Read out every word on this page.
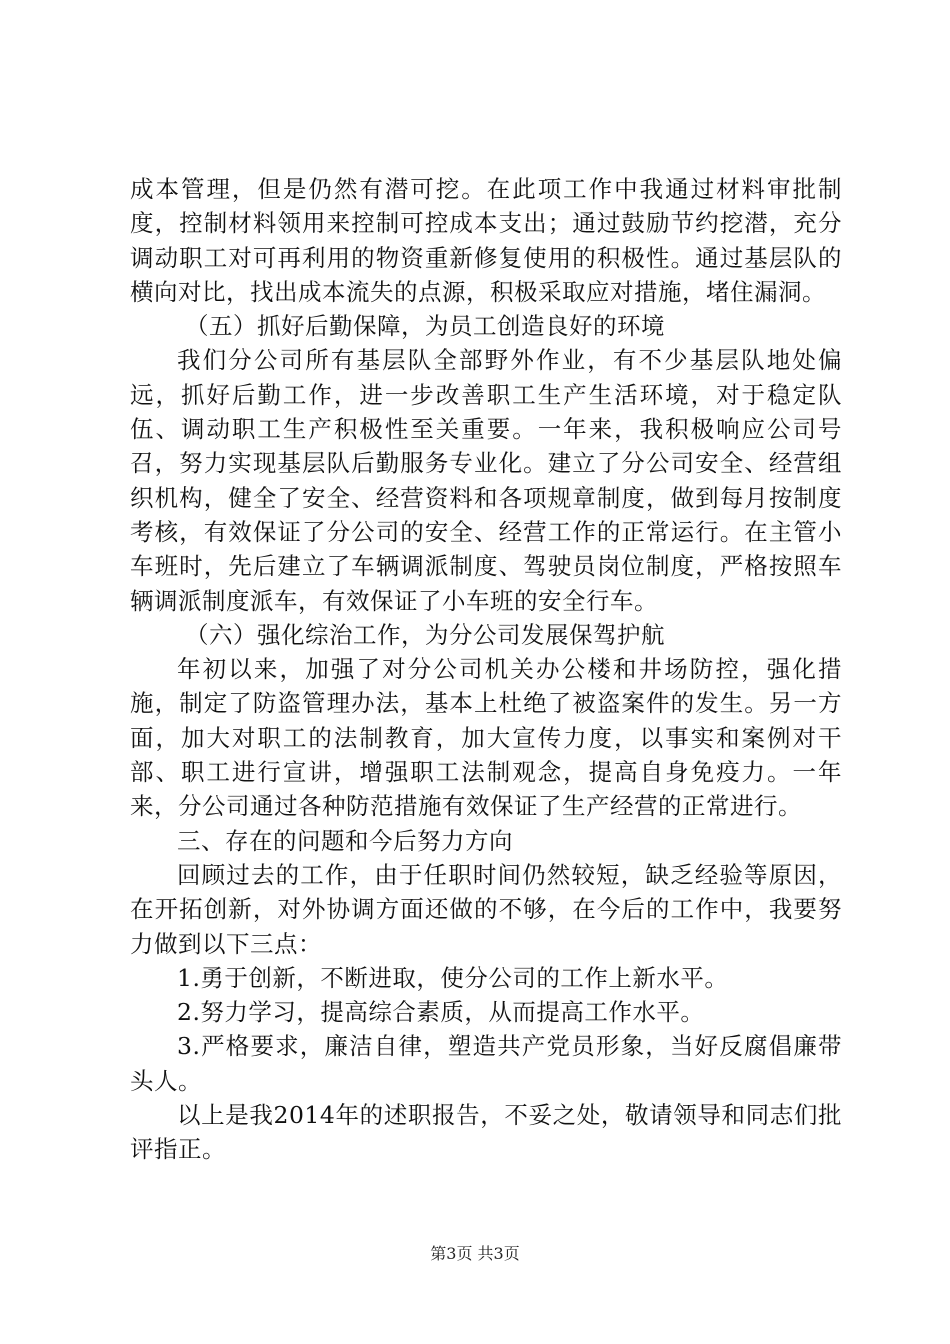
成本管理，但是仍然有潜可挖。在此项工作中我通过材料审批制度，控制材料领用来控制可控成本支出；通过鼓励节约挖潜，充分调动职工对可再利用的物资重新修复使用的积极性。通过基层队的横向对比，找出成本流失的点源，积极采取应对措施，堵住漏洞。

（五）抓好后勤保障，为员工创造良好的环境

我们分公司所有基层队全部野外作业，有不少基层队地处偏远，抓好后勤工作，进一步改善职工生产生活环境，对于稳定队伍、调动职工生产积极性至关重要。一年来，我积极响应公司号召，努力实现基层队后勤服务专业化。建立了分公司安全、经营组织机构，健全了安全、经营资料和各项规章制度，做到每月按制度考核，有效保证了分公司的安全、经营工作的正常运行。在主管小车班时，先后建立了车辆调派制度、驾驶员岗位制度，严格按照车辆调派制度派车，有效保证了小车班的安全行车。

（六）强化综治工作，为分公司发展保驾护航

年初以来，加强了对分公司机关办公楼和井场防控，强化措施，制定了防盗管理办法，基本上杜绝了被盗案件的发生。另一方面，加大对职工的法制教育，加大宣传力度，以事实和案例对干部、职工进行宣讲，增强职工法制观念，提高自身免疫力。一年来，分公司通过各种防范措施有效保证了生产经营的正常进行。

三、存在的问题和今后努力方向

回顾过去的工作，由于任职时间仍然较短，缺乏经验等原因，在开拓创新，对外协调方面还做的不够，在今后的工作中，我要努力做到以下三点：

1.勇于创新，不断进取，使分公司的工作上新水平。

2.努力学习，提高综合素质，从而提高工作水平。

3.严格要求，廉洁自律，塑造共产党员形象，当好反腐倡廉带头人。

以上是我2014年的述职报告，不妥之处，敬请领导和同志们批评指正。

第3页 共3页
